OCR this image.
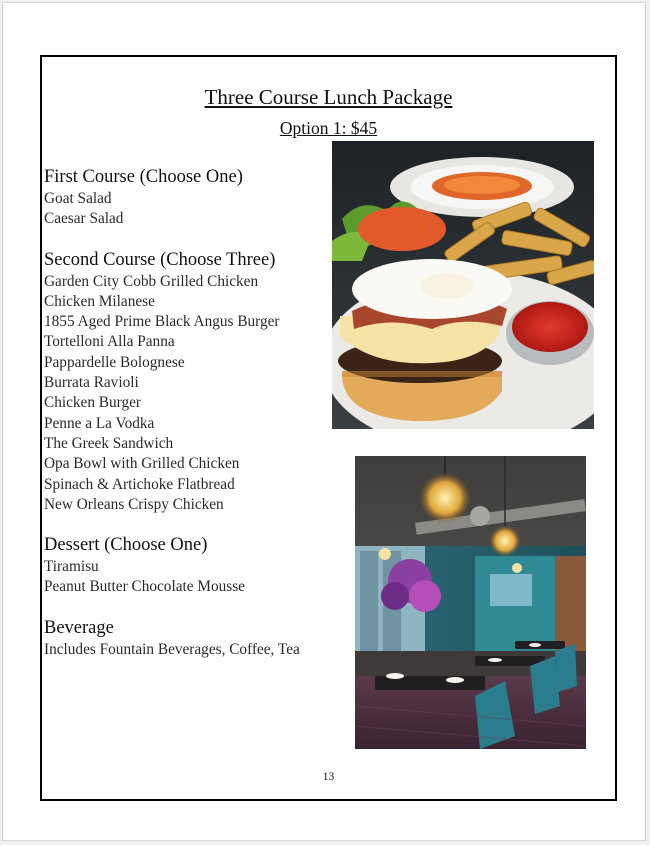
Three Course Lunch Package
Option 1: $45
First Course (Choose One)
Goat Salad
Caesar Salad
Second Course (Choose Three)
Garden City Cobb Grilled Chicken
Chicken Milanese
1855 Aged Prime Black Angus Burger
Tortelloni Alla Panna
Pappardelle Bolognese
Burrata Ravioli
Chicken Burger
Penne a La Vodka
The Greek Sandwich
Opa Bowl with Grilled Chicken
Spinach & Artichoke Flatbread
New Orleans Crispy Chicken
Dessert (Choose One)
Tiramisu
Peanut Butter Chocolate Mousse
Beverage
Includes Fountain Beverages, Coffee, Tea
13
